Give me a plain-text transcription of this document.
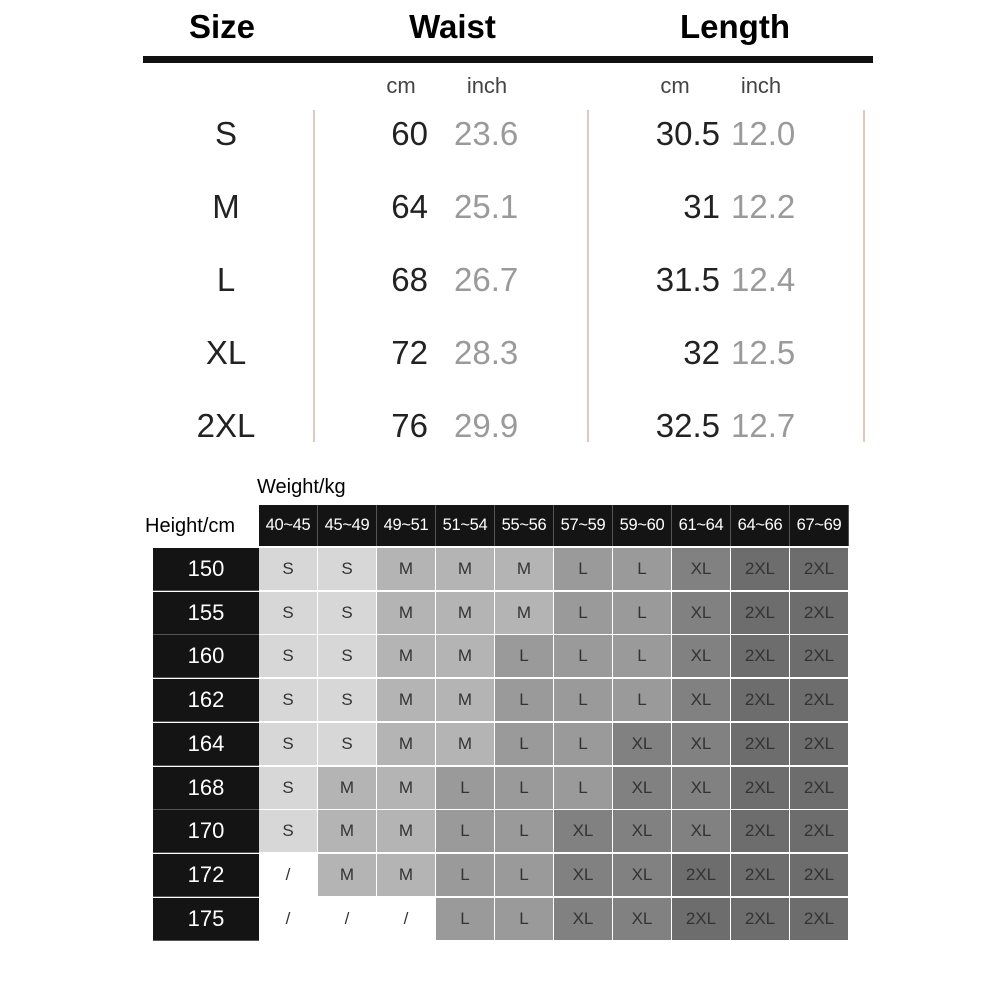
Size	Waist	Length
cm	inch	cm	inch
S	60 23.6	30.5 12.0
M	64 25.1	31 12.2
L	68 26.7	31.5 12.4
XL	72 28.3	32 12.5
2XL	76 29.9	32.5 12.7
Weight/kg
Height/cm	40~45 45~49 49~51 51~54 55~56 57~59 59~60 61~64 64~66 67~69
150	S	S	M	M	M	L	L	XL	2XL	2XL
155	S	S	M	M	M	L	L	XL	2XL	2XL
160	S	S	M	M	L	L	L	XL	2XL	2XL
162	S	S	M	M	L	L	L	XL	2XL	2XL
164	S	S	M	M	L	L	XL	XL	2XL	2XL
168	S	M	M	L	L	L	XL	XL	2XL	2XL
170	S	M	M	L	L	XL	XL	XL	2XL	2XL
172	/	M	M	L	L	XL	XL	2XL	2XL	2XL
175	/	/	/	L	L	XL	XL	2XL	2XL	2XL
